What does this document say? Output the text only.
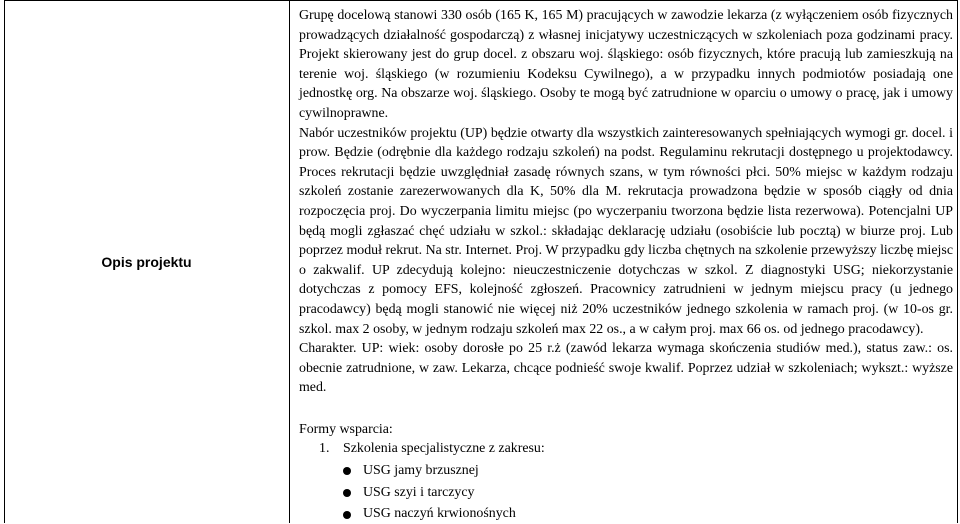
Opis projektu

Grupę docelową stanowi 330 osób (165 K, 165 M) pracujących w zawodzie lekarza (z wyłączeniem osób fizycznych prowadzących działalność gospodarczą) z własnej inicjatywy uczestniczących w szkoleniach poza godzinami pracy. Projekt skierowany jest do grup docel. z obszaru woj. śląskiego: osób fizycznych, które pracują lub zamieszkują na terenie woj. śląskiego (w rozumieniu Kodeksu Cywilnego), a w przypadku innych podmiotów posiadają one jednostkę org. Na obszarze woj. śląskiego. Osoby te mogą być zatrudnione w oparciu o umowy o pracę, jak i umowy cywilnoprawne.

Nabór uczestników projektu (UP) będzie otwarty dla wszystkich zainteresowanych spełniających wymogi gr. docel. i prow. Będzie (odrębnie dla każdego rodzaju szkoleń) na podst. Regulaminu rekrutacji dostępnego u projektodawcy. Proces rekrutacji będzie uwzględniał zasadę równych szans, w tym równości płci. 50% miejsc w każdym rodzaju szkoleń zostanie zarezerwowanych dla K, 50% dla M. rekrutacja prowadzona będzie w sposób ciągły od dnia rozpoczęcia proj. Do wyczerpania limitu miejsc (po wyczerpaniu tworzona będzie lista rezerwowa). Potencjalni UP będą mogli zgłaszać chęć udziału w szkol.: składając deklarację udziału (osobiście lub pocztą) w biurze proj. Lub poprzez moduł rekrut. Na str. Internet. Proj. W przypadku gdy liczba chętnych na szkolenie przewyższy liczbę miejsc o zakwalif. UP zdecydują kolejno: nieuczestniczenie dotychczas w szkol. Z diagnostyki USG; niekorzystanie dotychczas z pomocy EFS, kolejność zgłoszeń. Pracownicy zatrudnieni w jednym miejscu pracy (u jednego pracodawcy) będą mogli stanowić nie więcej niż 20% uczestników jednego szkolenia w ramach proj. (w 10-os gr. szkol. max 2 osoby, w jednym rodzaju szkoleń max 22 os., a w całym proj. max 66 os. od jednego pracodawcy).

Charakter. UP: wiek: osoby dorosłe po 25 r.ż (zawód lekarza wymaga skończenia studiów med.), status zaw.: os. obecnie zatrudnione, w zaw. Lekarza, chcące podnieść swoje kwalif. Poprzez udział w szkoleniach; wykszt.: wyższe med.

Formy wsparcia:

1. Szkolenia specjalistyczne z zakresu:
USG jamy brzusznej
USG szyi i tarczycy
USG naczyń krwionośnych
